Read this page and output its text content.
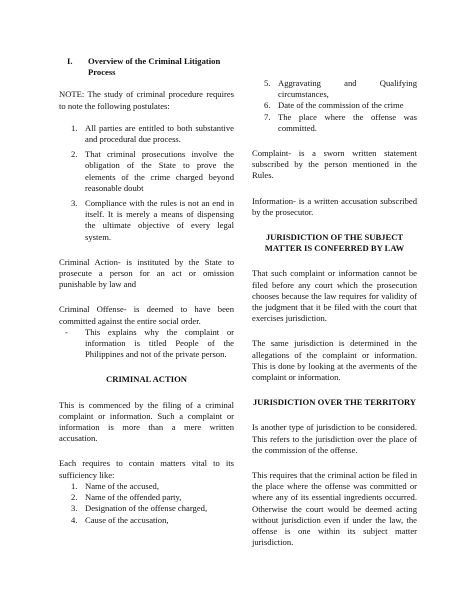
I.	Overview of the Criminal Litigation Process

NOTE: The study of criminal procedure requires to note the following postulates:

1. All parties are entitled to both substantive and procedural due process.
2. That criminal prosecutions involve the obligation of the State to prove the elements of the crime charged beyond reasonable doubt
3. Compliance with the rules is not an end in itself. It is merely a means of dispensing the ultimate objective of every legal system.

Criminal Action- is instituted by the State to prosecute a person for an act or omission punishable by law and

Criminal Offense- is deemed to have been committed against the entire social order.

-	This explains why the complaint or information is titled People of the Philippines and not of the private person.
CRIMINAL ACTION

This is commenced by the filing of a criminal complaint or information. Such a complaint or information is more than a mere written accusation.

Each requires to contain matters vital to its sufficiency like:

1. Name of the accused,
2. Name of the offended party,
3. Designation of the offense charged,
4. Cause of the accusation,
5. Aggravating and Qualifying circumstances,
6. Date of the commission of the crime
7. The place where the offense was committed.

Complaint- is a sworn written statement subscribed by the person mentioned in the Rules.

Information- is a written accusation subscribed by the prosecutor.

JURISDICTION OF THE SUBJECT MATTER IS CONFERRED BY LAW

That such complaint or information cannot be filed before any court which the prosecution chooses because the law requires for validity of the judgment that it be filed with the court that exercises jurisdiction.

The same jurisdiction is determined in the allegations of the complaint or information. This is done by looking at the averments of the complaint or information.

JURISDICTION OVER THE TERRITORY

Is another type of jurisdiction to be considered. This refers to the jurisdiction over the place of the commission of the offense.

This requires that the criminal action be filed in the place where the offense was committed or where any of its essential ingredients occurred. Otherwise the court would be deemed acting without jurisdiction even if under the law, the offense is one within its subject matter jurisdiction.
